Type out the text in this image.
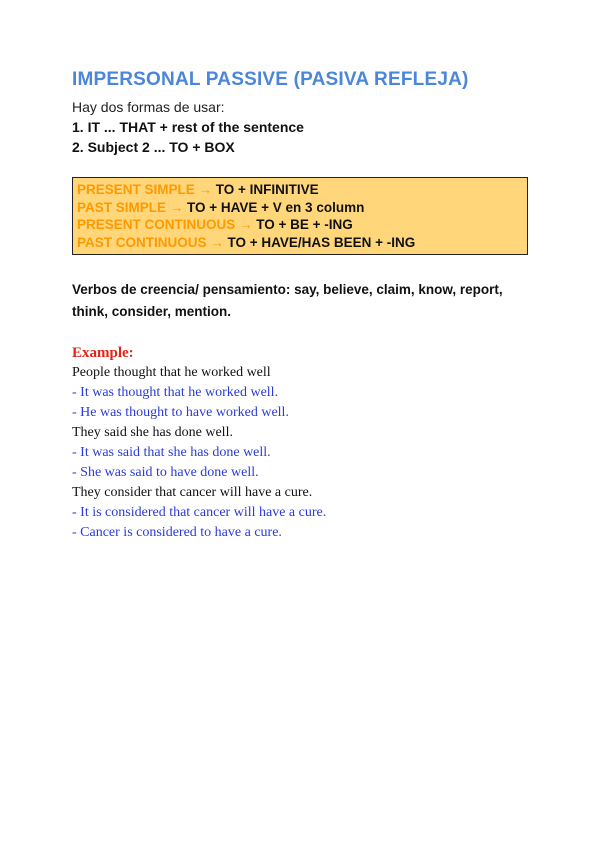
IMPERSONAL PASSIVE (PASIVA REFLEJA)

Hay dos formas de usar:

1. IT ... THAT + rest of the sentence

2. Subject 2 ... TO + BOX

PRESENT SIMPLE → TO + INFINITIVE
PAST SIMPLE → TO + HAVE + V en 3 column
PRESENT CONTINUOUS → TO + BE + -ING
PAST CONTINUOUS → TO + HAVE/HAS BEEN + -ING

Verbos de creencia/ pensamiento: say, believe, claim, know, report, think, consider, mention.

Example:

People thought that he worked well

- It was thought that he worked well.

- He was thought to have worked well.

They said she has done well.

- It was said that she has done well.

- She was said to have done well.

They consider that cancer will have a cure.

- It is considered that cancer will have a cure.

- Cancer is considered to have a cure.
